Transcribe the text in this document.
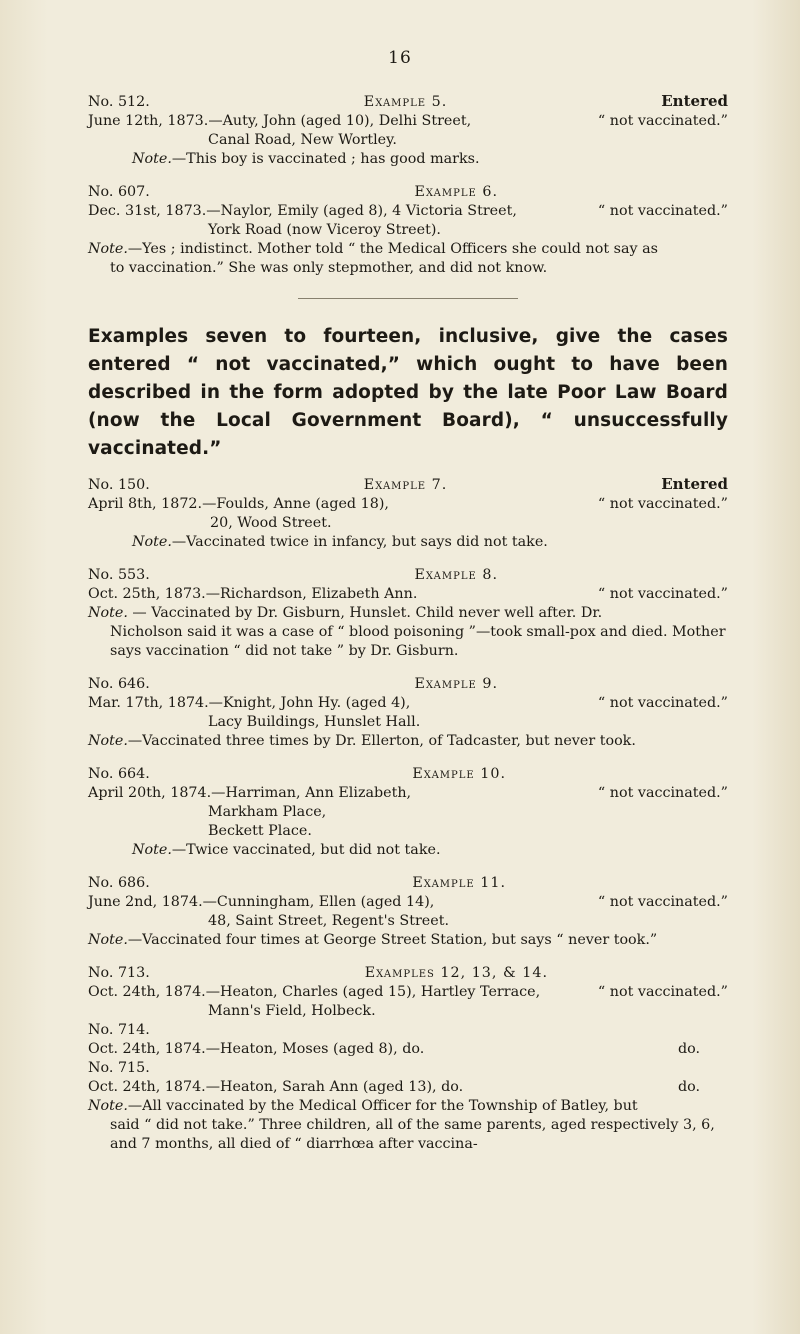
16
No. 512.	Example 5.	Entered
June 12th, 1873.—Auty, John (aged 10), Delhi Street,	“ not vaccinated.”
Canal Road, New Wortley.
Note.—This boy is vaccinated ; has good marks.
No. 607.	Example 6.
Dec. 31st, 1873.—Naylor, Emily (aged 8), 4 Victoria Street,	“ not vaccinated.”
York Road (now Viceroy Street).
Note.—Yes ; indistinct. Mother told “ the Medical Officers she could not say as
to vaccination.” She was only stepmother, and did not know.

Examples seven to fourteen, inclusive, give the cases entered “ not vaccinated,” which ought to have been described in the form adopted by the late Poor Law Board (now the Local Government Board), “ unsuccessfully vaccinated.”

No. 150.	Example 7.	Entered
April 8th, 1872.—Foulds, Anne (aged 18),	“ not vaccinated.”
20, Wood Street.
Note.—Vaccinated twice in infancy, but says did not take.
No. 553.	Example 8.
Oct. 25th, 1873.—Richardson, Elizabeth Ann.	“ not vaccinated.”
Note. — Vaccinated by Dr. Gisburn, Hunslet. Child never well after. Dr.
Nicholson said it was a case of “ blood poisoning ”—took small-pox and died. Mother says vaccination “ did not take ” by Dr. Gisburn.
No. 646.	Example 9.
Mar. 17th, 1874.—Knight, John Hy. (aged 4),	“ not vaccinated.”
Lacy Buildings, Hunslet Hall.
Note.—Vaccinated three times by Dr. Ellerton, of Tadcaster, but never took.
No. 664.	Example 10.
April 20th, 1874.—Harriman, Ann Elizabeth,	“ not vaccinated.”
Markham Place,
Beckett Place.
Note.—Twice vaccinated, but did not take.
No. 686.	Example 11.
June 2nd, 1874.—Cunningham, Ellen (aged 14),	“ not vaccinated.”
48, Saint Street, Regent's Street.
Note.—Vaccinated four times at George Street Station, but says “ never took.”
No. 713.	Examples 12, 13, & 14.
Oct. 24th, 1874.—Heaton, Charles (aged 15), Hartley Terrace,	“ not vaccinated.”
Mann's Field, Holbeck.
No. 714.
Oct. 24th, 1874.—Heaton, Moses (aged 8), do.	do.
No. 715.
Oct. 24th, 1874.—Heaton, Sarah Ann (aged 13), do.	do.
Note.—All vaccinated by the Medical Officer for the Township of Batley, but
said “ did not take.” Three children, all of the same parents, aged respectively 3, 6, and 7 months, all died of “ diarrhœa after vaccina-
